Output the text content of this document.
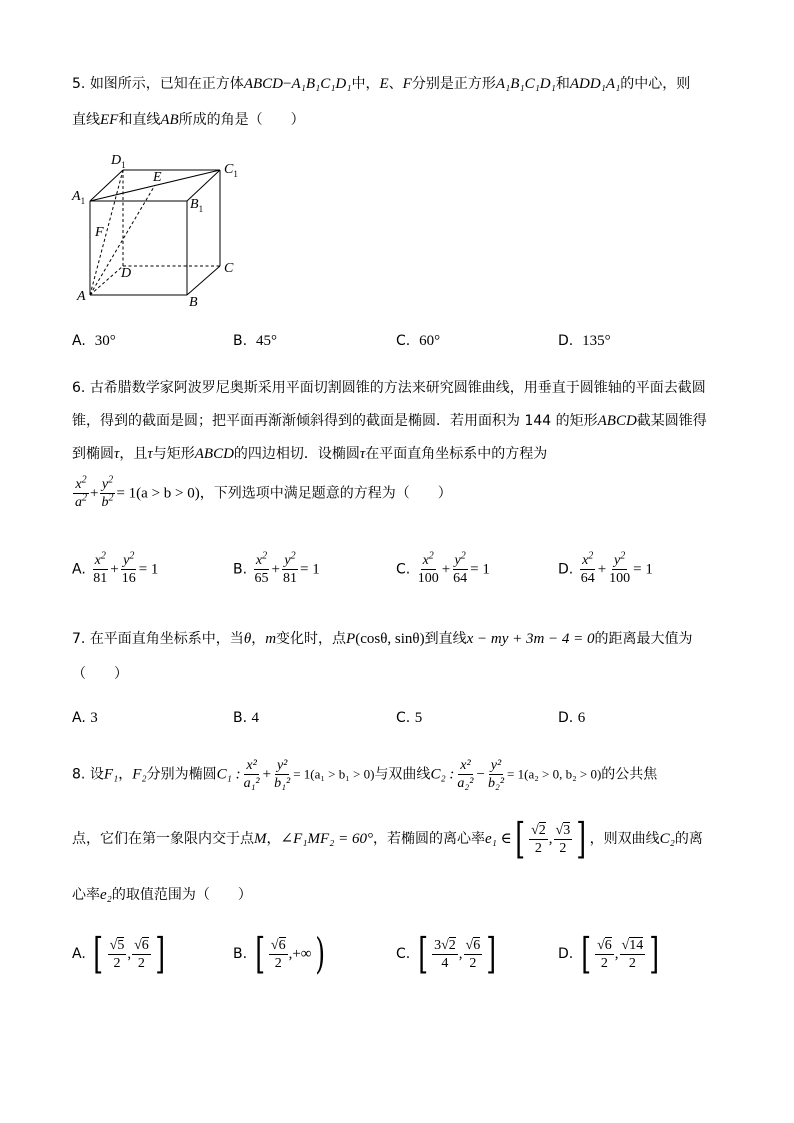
5. 如图所示，已知在正方体ABCD−A₁B₁C₁D₁中，E、F分别是正方形A₁B₁C₁D₁和ADD₁A₁的中心，则
直线EF和直线AB所成的角是（　　）
$D_1$	$C_1$
$A_1$	$B_1$
E
F
D	C
A	B
A. 30°	B. 45°	C. 60°	D. 135°
6. 古希腊数学家阿波罗尼奥斯采用平面切割圆锥的方法来研究圆锥曲线，用垂直于圆锥轴的平面去截圆
锥，得到的截面是圆；把平面再渐渐倾斜得到的截面是椭圆．若用面积为 144 的矩形ABCD截某圆锥得
到椭圆τ，且τ与矩形ABCD的四边相切．设椭圆τ在平面直角坐标系中的方程为
$\frac{x^2}{a^2} + \frac{y^2}{b^2} = 1(a > b > 0)$，下列选项中满足题意的方程为（　　）
A. $\frac{x^2}{81} + \frac{y^2}{16} = 1$	B. $\frac{x^2}{65} + \frac{y^2}{81} = 1$	C. $\frac{x^2}{100} + \frac{y^2}{64} = 1$	D. $\frac{x^2}{64} + \frac{y^2}{100} = 1$
7. 在平面直角坐标系中，当θ，m变化时，点P(cosθ, sinθ)到直线x − my + 3m − 4 = 0的距离最大值为
（　　）
A. 3	B. 4	C. 5	D. 6
8. 设F₁，F₂分别为椭圆C₁ : $\frac{\text{x²}}{\text{a₁²}} + \frac{\text{y²}}{\text{b₁²}} = 1(a_1 > b_1 > 0)$与双曲线C₂ : $\frac{\text{x²}}{\text{a₂²}} - \frac{\text{y²}}{\text{b₂²}} = 1(a_2 > 0$, b₂ > 0)的公共焦
点，它们在第一象限内交于点M，∠F₁MF₂ = 60°，若椭圆的离心率e₁ ∈[ $\frac{√2}{2}$ , $\frac{√3}{2}$ ] ，则双曲线C₂的离
心率e₂的取值范围为（　　）
A. [ $\frac{√5}{2}$ , $\frac{√6}{2}$ ]	B. [ $\frac{√6}{2}$ ,+∞)	C. [ $\frac{3√2}{4}$ , $\frac{√6}{2}$ ]	D. [ $\frac{√6}{2}$ , $\frac{√14}{2}$ ]
